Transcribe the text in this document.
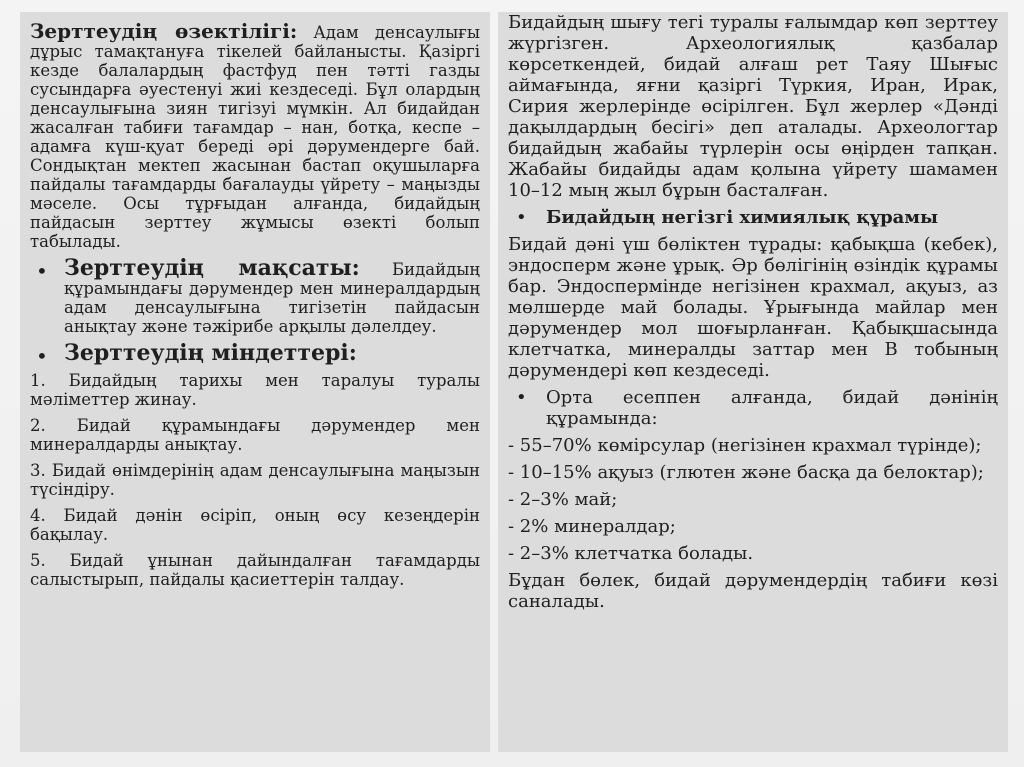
Зерттеудің өзектілігі: Адам денсаулығы дұрыс тамақтануға тікелей байланысты. Қазіргі кезде балалардың фастфуд пен тәтті газды сусындарға әуестенуі жиі кездеседі. Бұл олардың денсаулығына зиян тигізуі мүмкін. Ал бидайдан жасалған табиғи тағамдар – нан, ботқа, кеспе – адамға күш-қуат береді әрі дәрумендерге бай. Сондықтан мектеп жасынан бастап оқушыларға пайдалы тағамдарды бағалауды үйрету – маңызды мәселе. Осы тұрғыдан алғанда, бидайдың пайдасын зерттеу жұмысы өзекті болып табылады.

• Зерттеудің мақсаты: Бидайдың құрамындағы дәрумендер мен минералдардың адам денсаулығына тигізетін пайдасын анықтау және тәжірибе арқылы дәлелдеу.

• Зерттеудің міндеттері:

1. Бидайдың тарихы мен таралуы туралы мәліметтер жинау.

2. Бидай құрамындағы дәрумендер мен минералдарды анықтау.

3. Бидай өнімдерінің адам денсаулығына маңызын түсіндіру.

4. Бидай дәнін өсіріп, оның өсу кезеңдерін бақылау.

5. Бидай ұнынан дайындалған тағамдарды салыстырып, пайдалы қасиеттерін талдау.

Бидайдың шығу тегі туралы ғалымдар көп зерттеу жүргізген. Археологиялық қазбалар көрсеткендей, бидай алғаш рет Таяу Шығыс аймағында, яғни қазіргі Түркия, Иран, Ирак, Сирия жерлерінде өсірілген. Бұл жерлер «Дәнді дақылдардың бесігі» деп аталады. Археологтар бидайдың жабайы түрлерін осы өңірден тапқан. Жабайы бидайды адам қолына үйрету шамамен 10–12 мың жыл бұрын басталған.

• Бидайдың негізгі химиялық құрамы

Бидай дәні үш бөліктен тұрады: қабықша (кебек), эндосперм және ұрық. Әр бөлігінің өзіндік құрамы бар. Эндоспермінде негізінен крахмал, ақуыз, аз мөлшерде май болады. Ұрығында майлар мен дәрумендер мол шоғырланған. Қабықшасында клетчатка, минералды заттар мен В тобының дәрумендері көп кездеседі.

• Орта есеппен алғанда, бидай дәнінің құрамында:

- 55–70% көмірсулар (негізінен крахмал түрінде);

- 10–15% ақуыз (глютен және басқа да белоктар);

- 2–3% май;

- 2% минералдар;

- 2–3% клетчатка болады.

Бұдан бөлек, бидай дәрумендердің табиғи көзі саналады.
